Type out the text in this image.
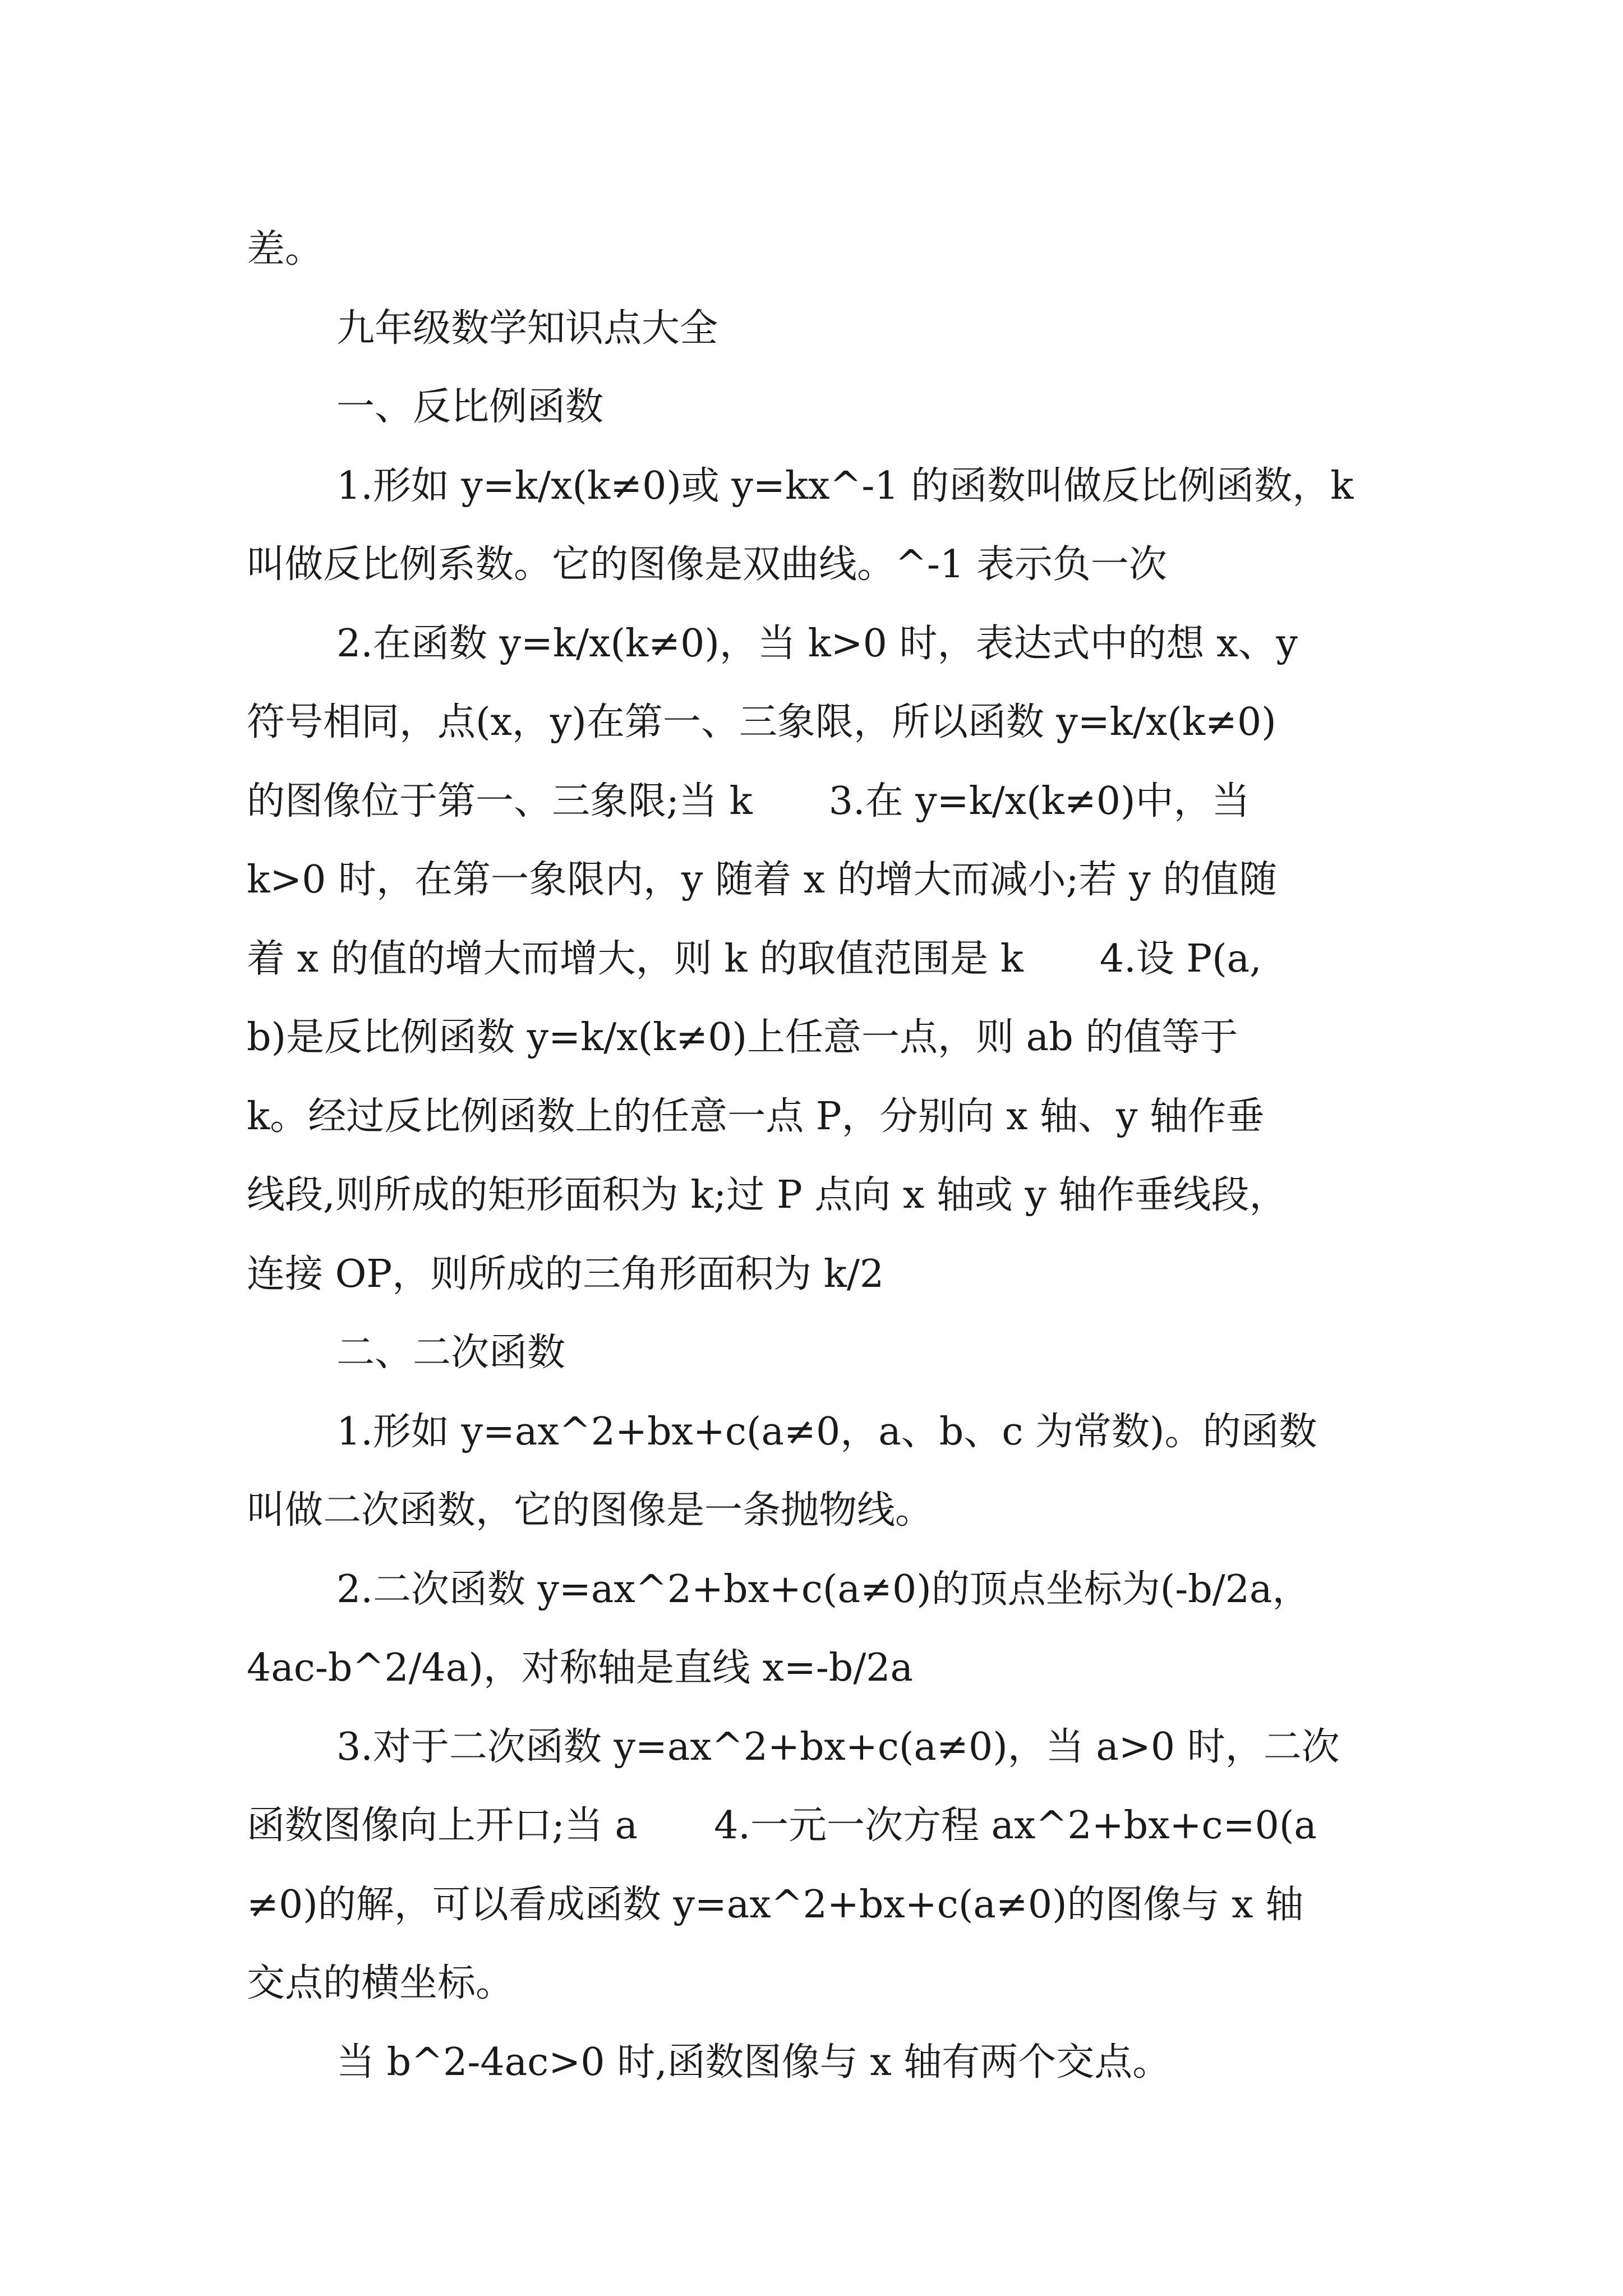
差。
九年级数学知识点大全
一、反比例函数
1.形如 y=k/x(k≠0)或 y=kx^-1 的函数叫做反比例函数，k
叫做反比例系数。它的图像是双曲线。^-1 表示负一次
2.在函数 y=k/x(k≠0)，当 k>0 时，表达式中的想 x、y
符号相同，点(x，y)在第一、三象限，所以函数 y=k/x(k≠0)
的图像位于第一、三象限;当 k　　3.在 y=k/x(k≠0)中，当
k>0 时，在第一象限内，y 随着 x 的增大而减小;若 y 的值随
着 x 的值的增大而增大，则 k 的取值范围是 k　　4.设 P(a,
b)是反比例函数 y=k/x(k≠0)上任意一点，则 ab 的值等于
k。经过反比例函数上的任意一点 P，分别向 x 轴、y 轴作垂
线段,则所成的矩形面积为 k;过 P 点向 x 轴或 y 轴作垂线段，
连接 OP，则所成的三角形面积为 k/2
二、二次函数
1.形如 y=ax^2+bx+c(a≠0，a、b、c 为常数)。的函数
叫做二次函数，它的图像是一条抛物线。
2.二次函数 y=ax^2+bx+c(a≠0)的顶点坐标为(-b/2a，
4ac-b^2/4a)，对称轴是直线 x=-b/2a
3.对于二次函数 y=ax^2+bx+c(a≠0)，当 a>0 时，二次
函数图像向上开口;当 a　　4.一元一次方程 ax^2+bx+c=0(a
≠0)的解，可以看成函数 y=ax^2+bx+c(a≠0)的图像与 x 轴
交点的横坐标。
当 b^2-4ac>0 时,函数图像与 x 轴有两个交点。
